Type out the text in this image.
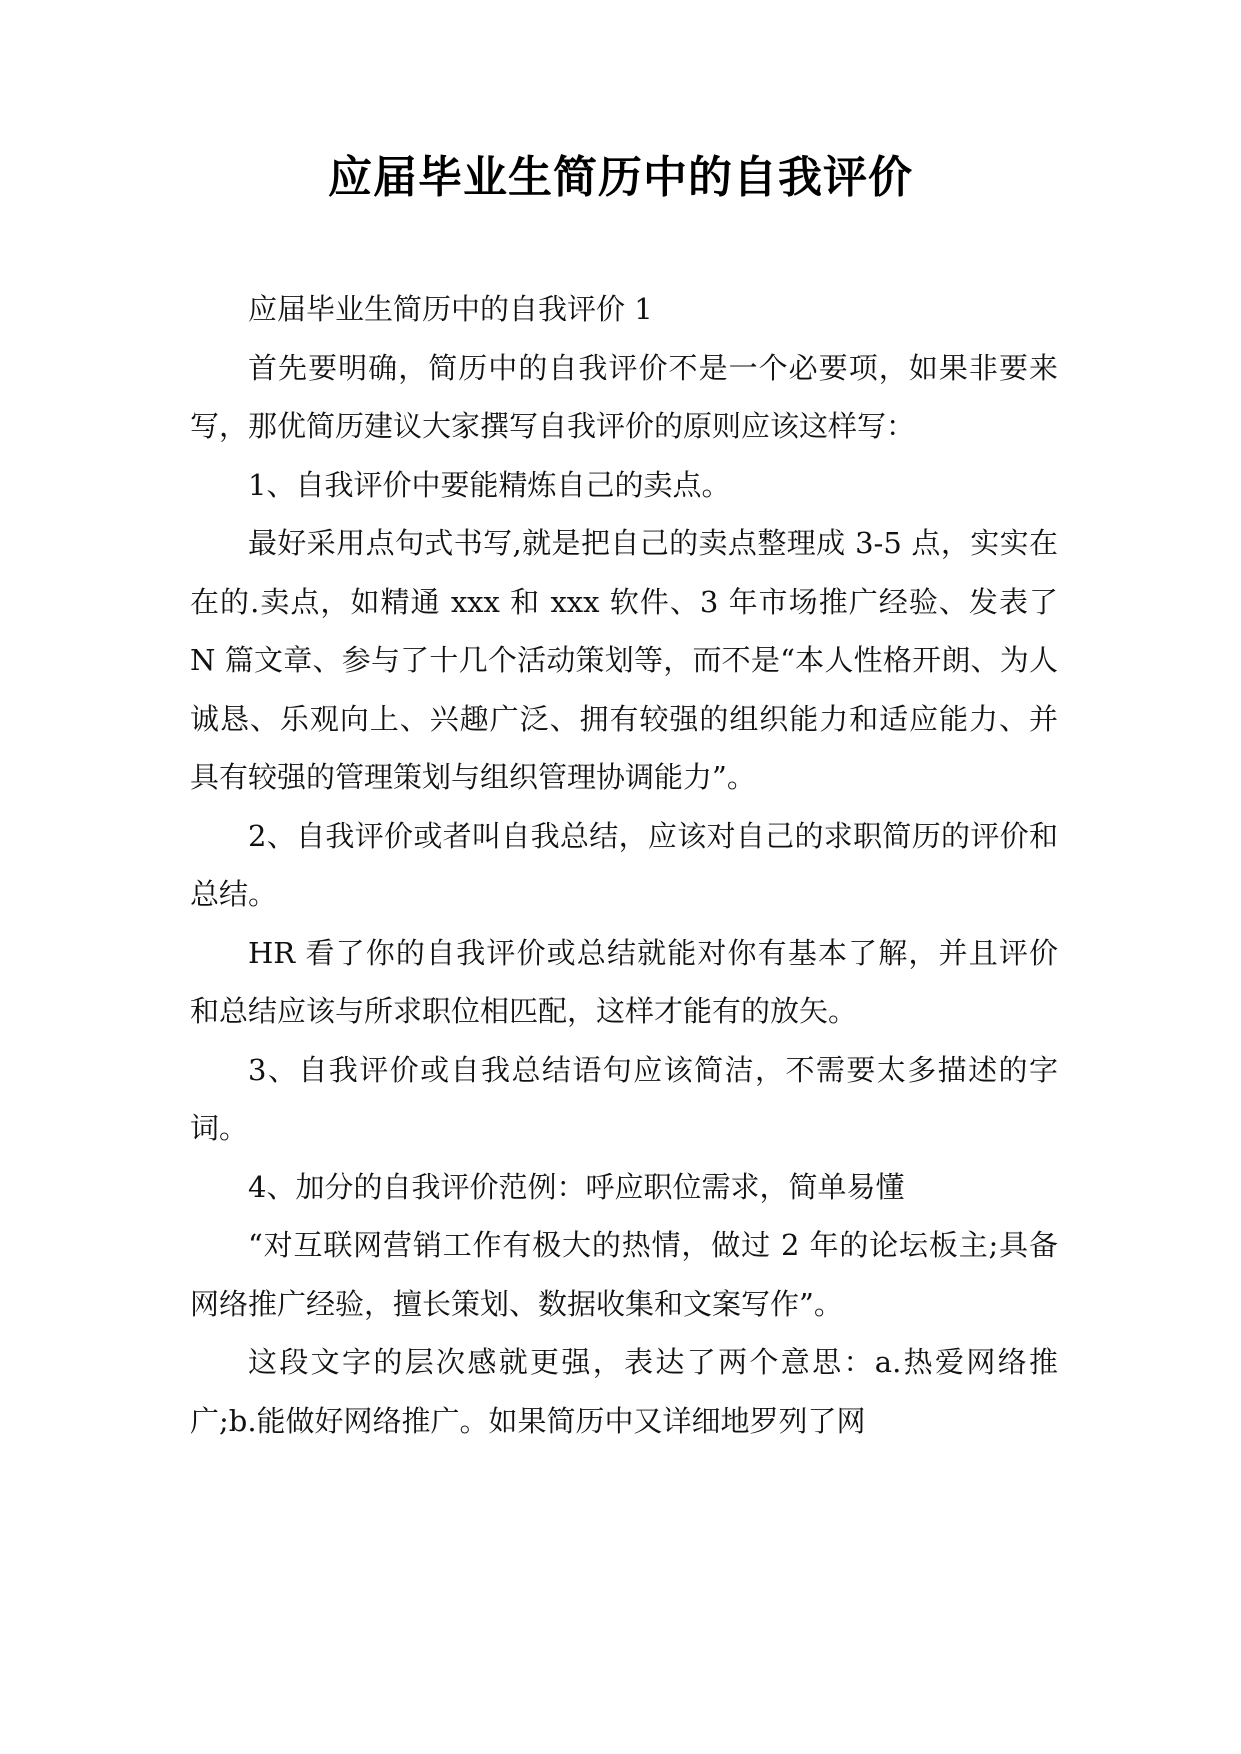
应届毕业生简历中的自我评价

应届毕业生简历中的自我评价 1

首先要明确，简历中的自我评价不是一个必要项，如果非要来写，那优简历建议大家撰写自我评价的原则应该这样写：

1、自我评价中要能精炼自己的卖点。

最好采用点句式书写,就是把自己的卖点整理成 3-5 点，实实在在的.卖点，如精通 xxx 和 xxx 软件、3 年市场推广经验、发表了 N 篇文章、参与了十几个活动策划等，而不是“本人性格开朗、为人诚恳、乐观向上、兴趣广泛、拥有较强的组织能力和适应能力、并具有较强的管理策划与组织管理协调能力”。

2、自我评价或者叫自我总结，应该对自己的求职简历的评价和总结。

HR 看了你的自我评价或总结就能对你有基本了解，并且评价和总结应该与所求职位相匹配，这样才能有的放矢。

3、自我评价或自我总结语句应该简洁，不需要太多描述的字词。

4、加分的自我评价范例：呼应职位需求，简单易懂

“对互联网营销工作有极大的热情，做过 2 年的论坛板主;具备网络推广经验，擅长策划、数据收集和文案写作”。

这段文字的层次感就更强，表达了两个意思：a.热爱网络推广;b.能做好网络推广。如果简历中又详细地罗列了网
